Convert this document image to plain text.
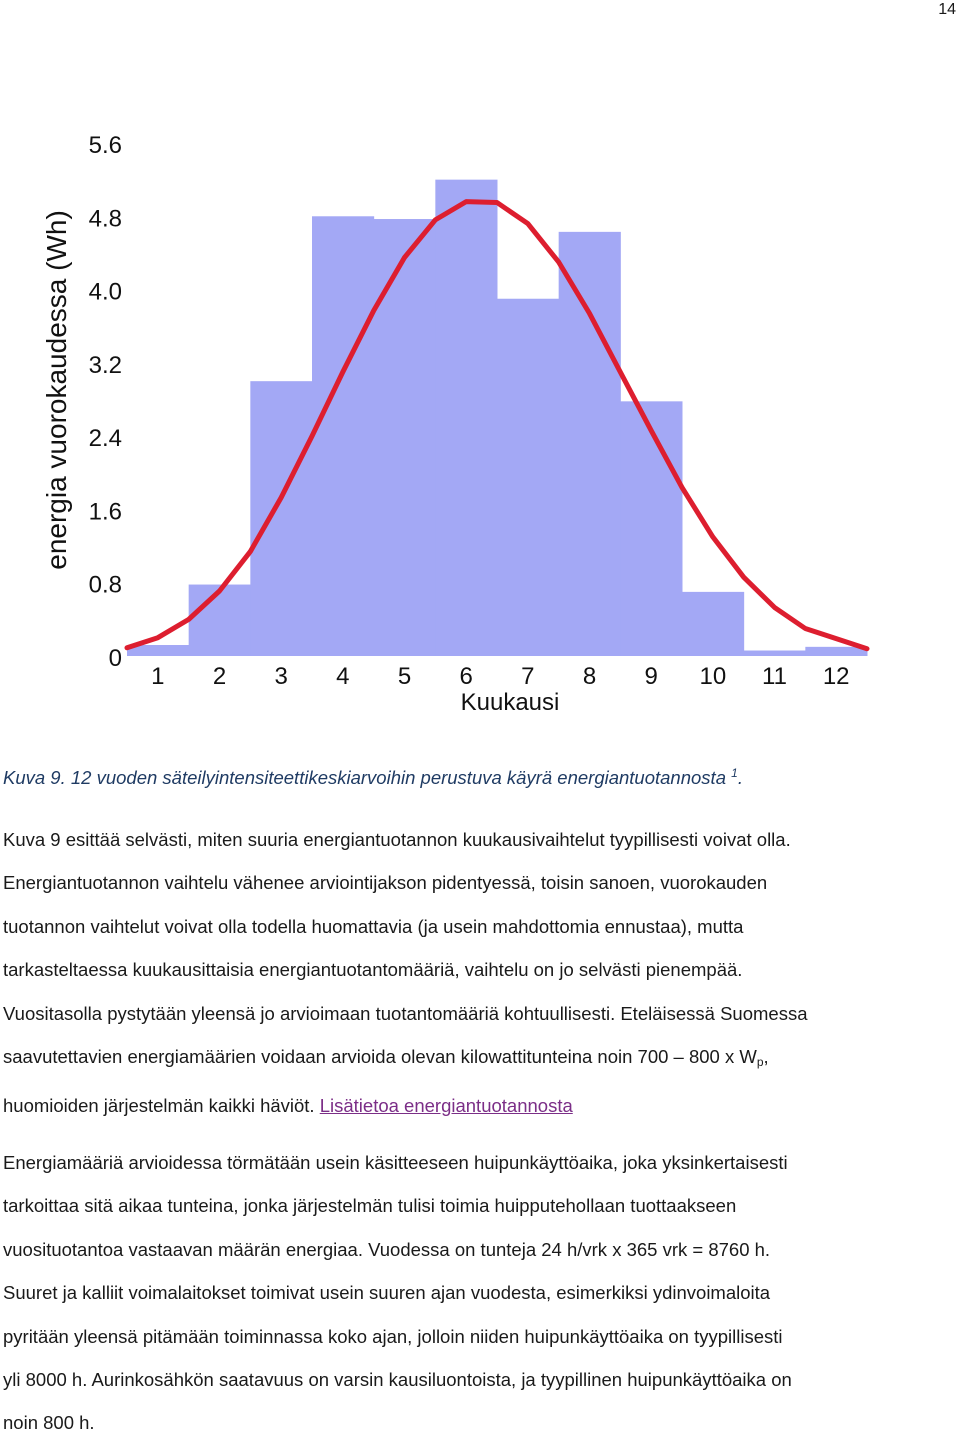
14
0
0.8
1.6
2.4
3.2
4.0
4.8
5.6
1 2 3 4 5 6 7 8 9 10 11 12
Kuukausi
energia vuorokaudessa (Wh)
Kuva 9. 12 vuoden säteilyintensiteettikeskiarvoihin perustuva käyrä energiantuotannosta $^1$.

Kuva 9 esittää selvästi, miten suuria energiantuotannon kuukausivaihtelut tyypillisesti voivat olla.

Energiantuotannon vaihtelu vähenee arviointijakson pidentyessä, toisin sanoen, vuorokauden

tuotannon vaihtelut voivat olla todella huomattavia (ja usein mahdottomia ennustaa), mutta

tarkasteltaessa kuukausittaisia energiantuotantomääriä, vaihtelu on jo selvästi pienempää.

Vuositasolla pystytään yleensä jo arvioimaan tuotantomääriä kohtuullisesti. Eteläisessä Suomessa

saavutettavien energiamäärien voidaan arvioida olevan kilowattitunteina noin 700 – 800 x $W_p$,

huomioiden järjestelmän kaikki häviöt. Lisätietoa energiantuotannosta

Energiamääriä arvioidessa törmätään usein käsitteeseen huipunkäyttöaika, joka yksinkertaisesti

tarkoittaa sitä aikaa tunteina, jonka järjestelmän tulisi toimia huipputehollaan tuottaakseen

vuosituotantoa vastaavan määrän energiaa. Vuodessa on tunteja 24 h/vrk x 365 vrk = 8760 h.

Suuret ja kalliit voimalaitokset toimivat usein suuren ajan vuodesta, esimerkiksi ydinvoimaloita

pyritään yleensä pitämään toiminnassa koko ajan, jolloin niiden huipunkäyttöaika on tyypillisesti

yli 8000 h. Aurinkosähkön saatavuus on varsin kausiluontoista, ja tyypillinen huipunkäyttöaika on

noin 800 h.
